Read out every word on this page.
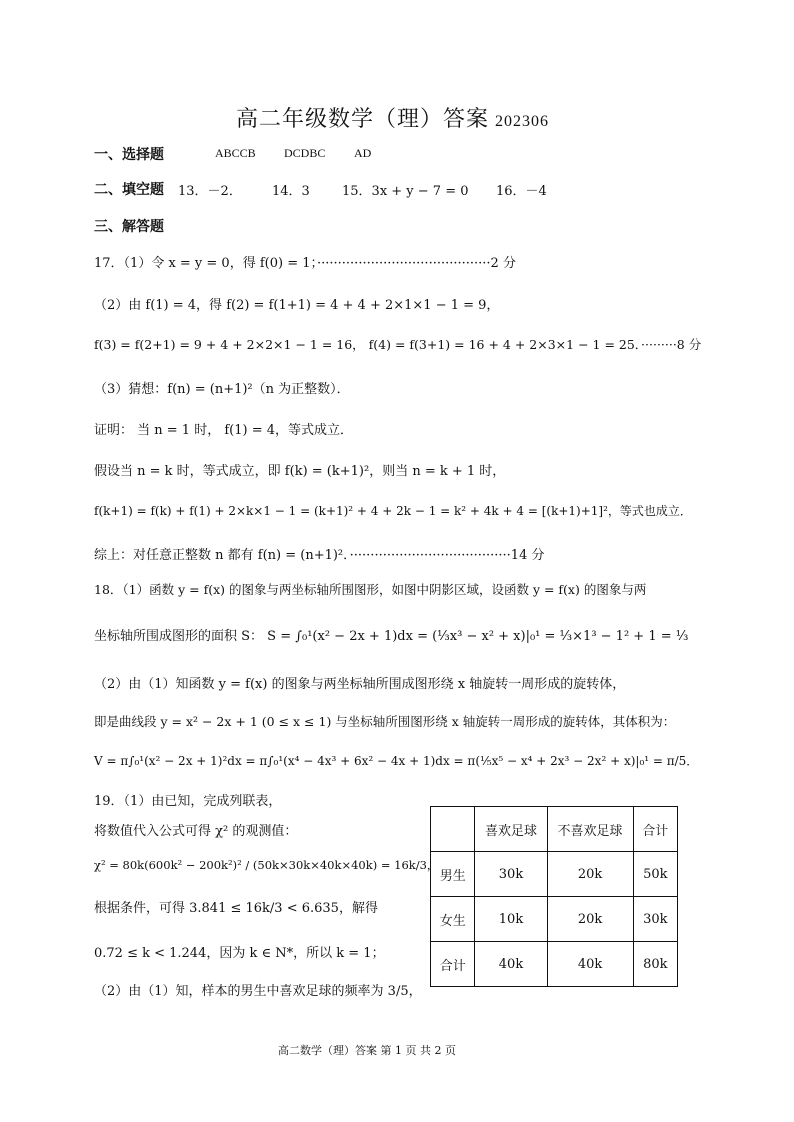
高二年级数学（理）答案 202306
一、选择题	ABCCB DCDBC AD
二、填空题 13．－2． 14．3 15．3x + y − 7 = 0 16．－4
三、解答题
17．（1）令 x = y = 0，得 f(0) = 1；··········································2 分
（2）由 f(1) = 4，得 f(2) = f(1+1) = 4 + 4 + 2×1×1 − 1 = 9，
f(3) = f(2+1) = 9 + 4 + 2×2×1 − 1 = 16， f(4) = f(3+1) = 16 + 4 + 2×3×1 − 1 = 25．·········8 分
（3）猜想：f(n) = (n+1)²（n 为正整数）．
证明： 当 n = 1 时， f(1) = 4，等式成立．
假设当 n = k 时，等式成立，即 f(k) = (k+1)²，则当 n = k + 1 时，
f(k+1) = f(k) + f(1) + 2×k×1 − 1 = (k+1)² + 4 + 2k − 1 = k² + 4k + 4 = [(k+1)+1]²，等式也成立．
综上：对任意正整数 n 都有 f(n) = (n+1)²．·······································14 分
18．（1）函数 y = f(x) 的图象与两坐标轴所围图形，如图中阴影区域，设函数 y = f(x) 的图象与两
坐标轴所围成图形的面积 S： S = ∫₀¹(x² − 2x + 1)dx = (⅓x³ − x² + x)|₀¹ = ⅓×1³ − 1² + 1 = ⅓
（2）由（1）知函数 y = f(x) 的图象与两坐标轴所围成图形绕 x 轴旋转一周形成的旋转体，
即是曲线段 y = x² − 2x + 1 (0 ≤ x ≤ 1) 与坐标轴所围图形绕 x 轴旋转一周形成的旋转体，其体积为：
V = π∫₀¹(x² − 2x + 1)²dx = π∫₀¹(x⁴ − 4x³ + 6x² − 4x + 1)dx = π(⅕x⁵ − x⁴ + 2x³ − 2x² + x)|₀¹ = π/5．
19．（1）由已知，完成列联表，
将数值代入公式可得 χ² 的观测值：
χ² = 80k(600k² − 200k²)² / (50k×30k×40k×40k) = 16k/3，
根据条件，可得 3.841 ≤ 16k/3 < 6.635，解得
0.72 ≤ k < 1.244，因为 k ∈ N*，所以 k = 1；
（2）由（1）知，样本的男生中喜欢足球的频率为 3/5，
	喜欢足球	不喜欢足球	合计
男生	30k	20k	50k
女生	10k	20k	30k
合计	40k	40k	80k
高二数学（理）答案 第 1 页 共 2 页
